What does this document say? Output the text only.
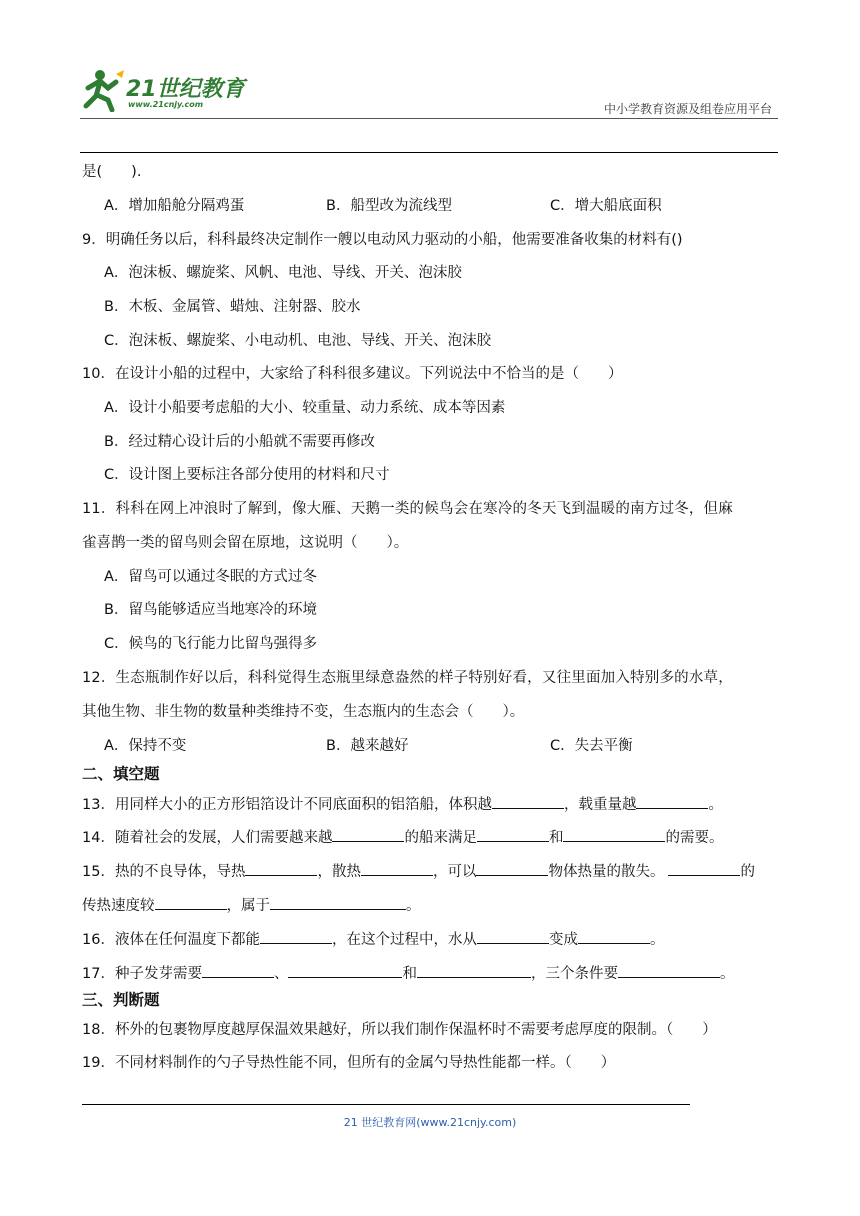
21世纪教育
www.21cnjy.com	中小学教育资源及组卷应用平台
是(　　).
A．增加船舱分隔鸡蛋	B．船型改为流线型	C．增大船底面积
9．明确任务以后，科科最终决定制作一艘以电动风力驱动的小船，他需要准备收集的材料有()
A．泡沫板、螺旋桨、风帆、电池、导线、开关、泡沫胶
B．木板、金属管、蜡烛、注射器、胶水
C．泡沫板、螺旋桨、小电动机、电池、导线、开关、泡沫胶
10．在设计小船的过程中，大家给了科科很多建议。下列说法中不恰当的是（　　）
A．设计小船要考虑船的大小、较重量、动力系统、成本等因素
B．经过精心设计后的小船就不需要再修改
C．设计图上要标注各部分使用的材料和尺寸
11．科科在网上冲浪时了解到，像大雁、天鹅一类的候鸟会在寒冷的冬天飞到温暖的南方过冬，但麻
雀喜鹊一类的留鸟则会留在原地，这说明（　　）。
A．留鸟可以通过冬眠的方式过冬
B．留鸟能够适应当地寒冷的环境
C．候鸟的飞行能力比留鸟强得多
12．生态瓶制作好以后，科科觉得生态瓶里绿意盎然的样子特别好看，又往里面加入特别多的水草，
其他生物、非生物的数量种类维持不变，生态瓶内的生态会（　　）。
A．保持不变	B．越来越好	C．失去平衡
二、填空题
13．用同样大小的正方形铝箔设计不同底面积的铝箔船，体积越	，载重量越	。
14．随着社会的发展，人们需要越来越	的船来满足	和	的需要。
15．热的不良导体，导热	，散热	，可以	物体热量的散失。	的
传热速度较	，属于	。
16．液体在任何温度下都能	，在这个过程中，水从	变成	。
17．种子发芽需要	、	和	，三个条件要	。
三、判断题
18．杯外的包裹物厚度越厚保温效果越好，所以我们制作保温杯时不需要考虑厚度的限制。（　　）
19．不同材料制作的勺子导热性能不同，但所有的金属勺导热性能都一样。（　　）
21 世纪教育网(www.21cnjy.com)
